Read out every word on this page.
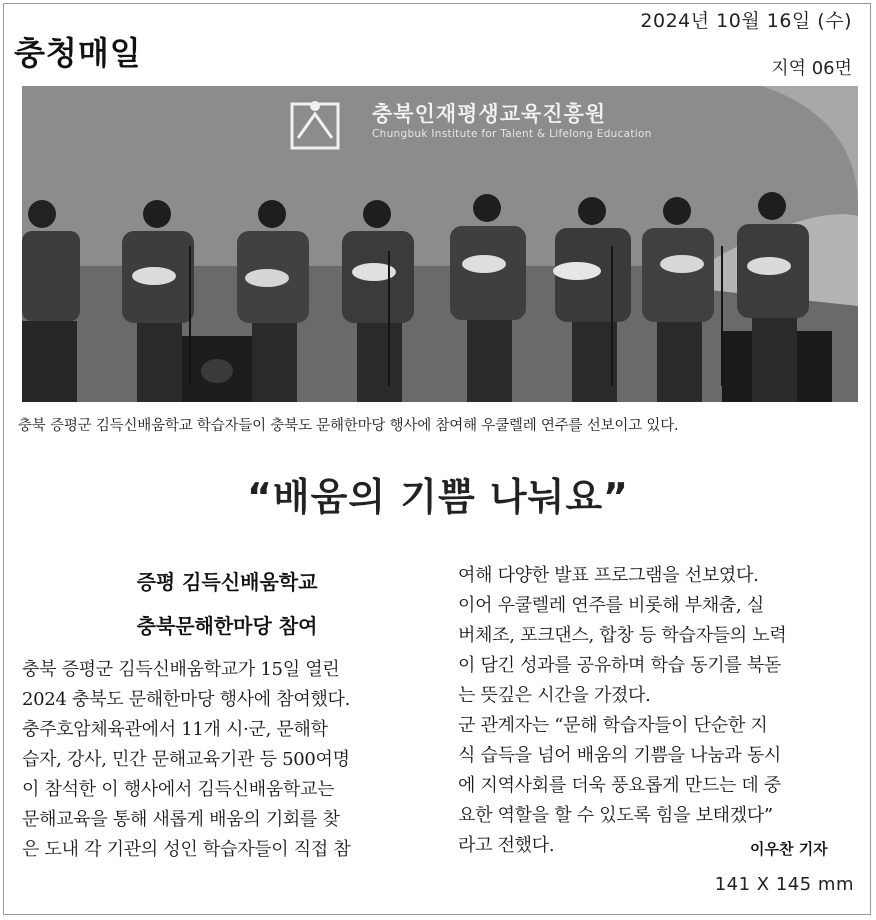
충청매일
2024년 10월 16일 (수)
지역 06면
충북인재평생교육진흥원
Chungbuk Institute for Talent & Lifelong Education
충북 증평군 김득신배움학교 학습자들이 충북도 문해한마당 행사에 참여해 우쿨렐레 연주를 선보이고 있다.
“배움의 기쁨 나눠요”
증평 김득신배움학교
충북문해한마당 참여
충북 증평군 김득신배움학교가 15일 열린
2024 충북도 문해한마당 행사에 참여했다.
충주호암체육관에서 11개 시·군, 문해학
습자, 강사, 민간 문해교육기관 등 500여명
이 참석한 이 행사에서 김득신배움학교는
문해교육을 통해 새롭게 배움의 기회를 찾
은 도내 각 기관의 성인 학습자들이 직접 참
여해 다양한 발표 프로그램을 선보였다.
이어 우쿨렐레 연주를 비롯해 부채춤, 실
버체조, 포크댄스, 합창 등 학습자들의 노력
이 담긴 성과를 공유하며 학습 동기를 북돋
는 뜻깊은 시간을 가졌다.
군 관계자는 “문해 학습자들이 단순한 지
식 습득을 넘어 배움의 기쁨을 나눔과 동시
에 지역사회를 더욱 풍요롭게 만드는 데 중
요한 역할을 할 수 있도록 힘을 보태겠다”
라고 전했다.	이우찬 기자
141 X 145 mm
